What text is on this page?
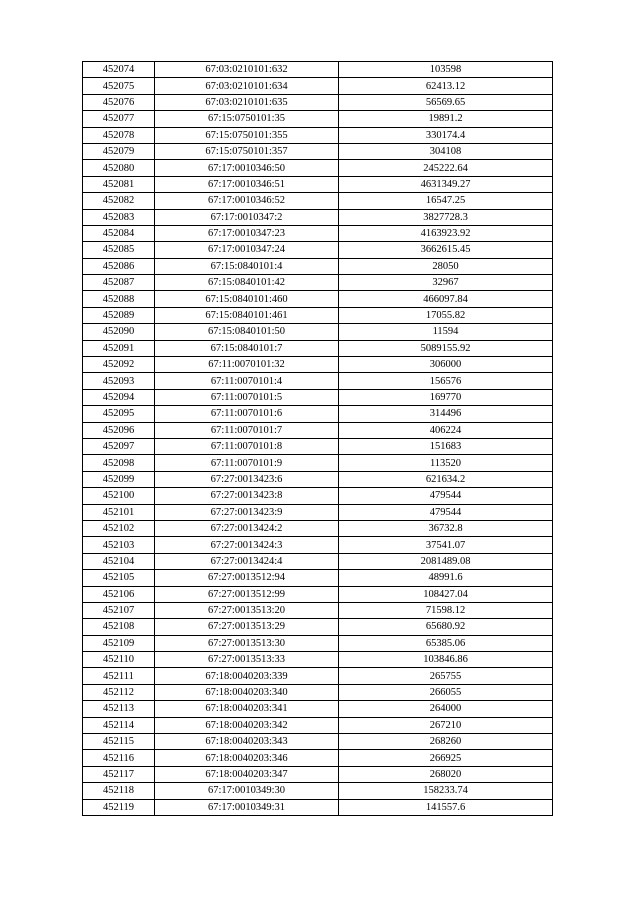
452074	67:03:0210101:632	103598
452075	67:03:0210101:634	62413.12
452076	67:03:0210101:635	56569.65
452077	67:15:0750101:35	19891.2
452078	67:15:0750101:355	330174.4
452079	67:15:0750101:357	304108
452080	67:17:0010346:50	245222.64
452081	67:17:0010346:51	4631349.27
452082	67:17:0010346:52	16547.25
452083	67:17:0010347:2	3827728.3
452084	67:17:0010347:23	4163923.92
452085	67:17:0010347:24	3662615.45
452086	67:15:0840101:4	28050
452087	67:15:0840101:42	32967
452088	67:15:0840101:460	466097.84
452089	67:15:0840101:461	17055.82
452090	67:15:0840101:50	11594
452091	67:15:0840101:7	5089155.92
452092	67:11:0070101:32	306000
452093	67:11:0070101:4	156576
452094	67:11:0070101:5	169770
452095	67:11:0070101:6	314496
452096	67:11:0070101:7	406224
452097	67:11:0070101:8	151683
452098	67:11:0070101:9	113520
452099	67:27:0013423:6	621634.2
452100	67:27:0013423:8	479544
452101	67:27:0013423:9	479544
452102	67:27:0013424:2	36732.8
452103	67:27:0013424:3	37541.07
452104	67:27:0013424:4	2081489.08
452105	67:27:0013512:94	48991.6
452106	67:27:0013512:99	108427.04
452107	67:27:0013513:20	71598.12
452108	67:27:0013513:29	65680.92
452109	67:27:0013513:30	65385.06
452110	67:27:0013513:33	103846.86
452111	67:18:0040203:339	265755
452112	67:18:0040203:340	266055
452113	67:18:0040203:341	264000
452114	67:18:0040203:342	267210
452115	67:18:0040203:343	268260
452116	67:18:0040203:346	266925
452117	67:18:0040203:347	268020
452118	67:17:0010349:30	158233.74
452119	67:17:0010349:31	141557.6
